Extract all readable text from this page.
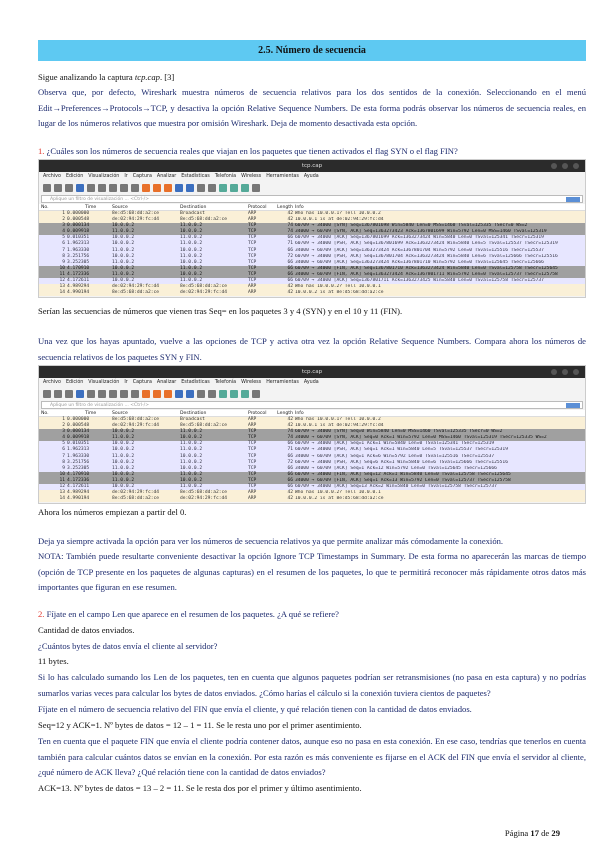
2.5. Número de secuencia
Sigue analizando la captura tcp.cap. [3]
Observa que, por defecto, Wireshark muestra números de secuencia relativos para los dos sentidos de la conexión. Seleccionando en el menú Edit→Preferences→Protocols→TCP, y desactiva la opción Relative Sequence Numbers. De esta forma podrás observar los números de secuencia reales, en lugar de los números relativos que muestra por omisión Wireshark. Deja de momento desactivada esta opción.
1. ¿Cuáles son los números de secuencia reales que viajan en los paquetes que tienen activados el flag SYN o el flag FIN?
tcp.cap
Archivo Edición Visualización Ir Captura Analizar Estadísticas Telefonía Wireless Herramientas Ayuda
Aplique un filtro de visualización ... <Ctrl-/>
No.	Time	Source	Destination	Protocol	Length Info
1 0.000000	8e:d5:68:dd:a2:ce	Broadcast	ARP	42 Who has 10.0.0.1? Tell 10.0.0.2
2 0.000548	de:02:94:29:fc:d4	8e:d5:68:dd:a2:ce	ARP	42 10.0.0.1 is at de:02:94:29:fc:d4
3 0.000134	10.0.0.2	11.0.0.2	TCP	74 60709 → 34000 [SYN] Seq=1367801698 Win=5840 Len=0 MSS=1460 TSval=125335 TSecr=0 WS=2
4 0.009918	11.0.0.2	10.0.0.2	TCP	74 34000 → 60709 [SYN, ACK] Seq=1363273423 Ack=1367801699 Win=5792 Len=0 MSS=1460 TSval=125319
5 0.010351	10.0.0.2	11.0.0.2	TCP	66 60709 → 34000 [ACK] Seq=1367801699 Ack=1363273424 Win=5840 Len=0 TSval=125341 TSecr=125319
6 1.962313	10.0.0.2	11.0.0.2	TCP	71 60709 → 34000 [PSH, ACK] Seq=1367801699 Ack=1363273424 Win=5840 Len=5 TSval=125537 TSecr=125319
7 1.963330	11.0.0.2	10.0.0.2	TCP	66 34000 → 60709 [ACK] Seq=1363273424 Ack=1367801704 Win=5792 Len=0 TSval=125516 TSecr=125537
8 3.251756	10.0.0.2	11.0.0.2	TCP	72 60709 → 34000 [PSH, ACK] Seq=1367801704 Ack=1363273424 Win=5840 Len=6 TSval=125666 TSecr=125516
9 3.252305	11.0.0.2	10.0.0.2	TCP	66 34000 → 60709 [ACK] Seq=1363273424 Ack=1367801710 Win=5792 Len=0 TSval=125645 TSecr=125666
10 4.170910	10.0.0.2	11.0.0.2	TCP	66 60709 → 34000 [FIN, ACK] Seq=1367801710 Ack=1363273424 Win=5840 Len=0 TSval=125758 TSecr=125645
11 4.172336	11.0.0.2	10.0.0.2	TCP	66 34000 → 60709 [FIN, ACK] Seq=1363273424 Ack=1367801711 Win=5792 Len=0 TSval=125737 TSecr=125758
12 4.172611	10.0.0.2	11.0.0.2	TCP	66 60709 → 34000 [ACK] Seq=1367801711 Ack=1363273425 Win=5840 Len=0 TSval=125758 TSecr=125737
13 4.989294	de:02:94:29:fc:d4	8e:d5:68:dd:a2:ce	ARP	42 Who has 10.0.0.2? Tell 10.0.0.1
14 4.990194	8e:d5:68:dd:a2:ce	de:02:94:29:fc:d4	ARP	42 10.0.0.2 is at 8e:d5:68:dd:a2:ce
Serían las secuencias de números que vienen tras Seq= en los paquetes 3 y 4 (SYN) y en el 10 y 11 (FIN).
Una vez que los hayas apuntado, vuelve a las opciones de TCP y activa otra vez la opción Relative Sequence Numbers. Compara ahora los números de secuencia relativos de los paquetes SYN y FIN.
tcp.cap
Archivo Edición Visualización Ir Captura Analizar Estadísticas Telefonía Wireless Herramientas Ayuda
Aplique un filtro de visualización ... <Ctrl-/>
No.	Time	Source	Destination	Protocol	Length Info
1 0.000000	8e:d5:68:dd:a2:ce	Broadcast	ARP	42 Who has 10.0.0.1? Tell 10.0.0.2
2 0.000548	de:02:94:29:fc:d4	8e:d5:68:dd:a2:ce	ARP	42 10.0.0.1 is at de:02:94:29:fc:d4
3 0.000134	10.0.0.2	11.0.0.2	TCP	74 60709 → 34000 [SYN] Seq=0 Win=5840 Len=0 MSS=1460 TSval=125335 TSecr=0 WS=2
4 0.009918	11.0.0.2	10.0.0.2	TCP	74 34000 → 60709 [SYN, ACK] Seq=0 Ack=1 Win=5792 Len=0 MSS=1460 TSval=125319 TSecr=125335 WS=2
5 0.010351	10.0.0.2	11.0.0.2	TCP	66 60709 → 34000 [ACK] Seq=1 Ack=1 Win=5840 Len=0 TSval=125341 TSecr=125319
6 1.962313	10.0.0.2	11.0.0.2	TCP	71 60709 → 34000 [PSH, ACK] Seq=1 Ack=1 Win=5840 Len=5 TSval=125537 TSecr=125319
7 1.963330	11.0.0.2	10.0.0.2	TCP	66 34000 → 60709 [ACK] Seq=1 Ack=6 Win=5792 Len=0 TSval=125516 TSecr=125537
8 3.251756	10.0.0.2	11.0.0.2	TCP	72 60709 → 34000 [PSH, ACK] Seq=6 Ack=1 Win=5840 Len=6 TSval=125666 TSecr=125516
9 3.252305	11.0.0.2	10.0.0.2	TCP	66 34000 → 60709 [ACK] Seq=1 Ack=12 Win=5792 Len=0 TSval=125645 TSecr=125666
10 4.170910	10.0.0.2	11.0.0.2	TCP	66 60709 → 34000 [FIN, ACK] Seq=12 Ack=1 Win=5840 Len=0 TSval=125758 TSecr=125645
11 4.172336	11.0.0.2	10.0.0.2	TCP	66 34000 → 60709 [FIN, ACK] Seq=1 Ack=13 Win=5792 Len=0 TSval=125737 TSecr=125758
12 4.172611	10.0.0.2	11.0.0.2	TCP	66 60709 → 34000 [ACK] Seq=13 Ack=2 Win=5840 Len=0 TSval=125758 TSecr=125737
13 4.989294	de:02:94:29:fc:d4	8e:d5:68:dd:a2:ce	ARP	42 Who has 10.0.0.2? Tell 10.0.0.1
14 4.990194	8e:d5:68:dd:a2:ce	de:02:94:29:fc:d4	ARP	42 10.0.0.2 is at 8e:d5:68:dd:a2:ce
Ahora los números empiezan a partir del 0.
Deja ya siempre activada la opción para ver los números de secuencia relativos ya que permite analizar más cómodamente la conexión.
NOTA: También puede resultarte conveniente desactivar la opción Ignore TCP Timestamps in Summary. De esta forma no aparecerán las marcas de tiempo (opción de TCP presente en los paquetes de algunas capturas) en el resumen de los paquetes, lo que te permitirá reconocer más rápidamente otros datos más importantes que figuran en ese resumen.
2. Fíjate en el campo Len que aparece en el resumen de los paquetes. ¿A qué se refiere?
Cantidad de datos enviados.
¿Cuántos bytes de datos envía el cliente al servidor?
11 bytes.
Si lo has calculado sumando los Len de los paquetes, ten en cuenta que algunos paquetes podrían ser retransmisiones (no pasa en esta captura) y no podrías sumarlos varias veces para calcular los bytes de datos enviados. ¿Cómo harías el cálculo si la conexión tuviera cientos de paquetes?
Fíjate en el número de secuencia relativo del FIN que envía el cliente, y qué relación tienen con la cantidad de datos enviados.
Seq=12 y ACK=1. Nº bytes de datos = 12 – 1 = 11. Se le resta uno por el primer asentimiento.
Ten en cuenta que el paquete FIN que envía el cliente podría contener datos, aunque eso no pasa en esta conexión. En ese caso, tendrías que tenerlos en cuenta también para calcular cuántos datos se envían en la conexión. Por esta razón es más conveniente es fijarse en el ACK del FIN que envía el servidor al cliente, ¿qué número de ACK lleva? ¿Qué relación tiene con la cantidad de datos enviados?
ACK=13. Nº bytes de datos = 13 – 2 = 11. Se le resta dos por el primer y último asentimiento.
Página 17 de 29
